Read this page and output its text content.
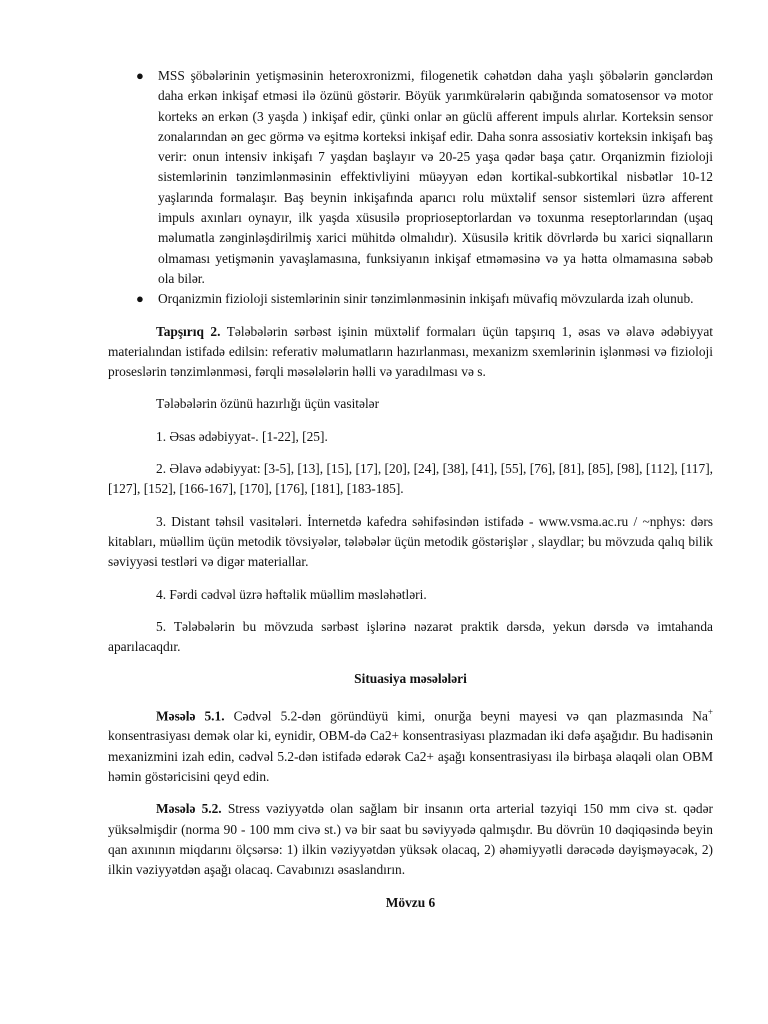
● MSS şöbələrinin yetişməsinin heteroxronizmi, filogenetik cəhətdən daha yaşlı şöbələrin gənclərdən daha erkən inkişaf etməsi ilə özünü göstərir. Böyük yarımkürələrin qabığında somatosensor və motor korteks ən erkən (3 yaşda ) inkişaf edir, çünki onlar ən güclü afferent impuls alırlar. Korteksin sensor zonalarından ən gec görmə və eşitmə korteksi inkişaf edir. Daha sonra assosiativ korteksin inkişafı baş verir: onun intensiv inkişafı 7 yaşdan başlayır və 20-25 yaşa qədər başa çatır. Orqanizmin fizioloji sistemlərinin tənzimlənməsinin effektivliyini müəyyən edən kortikal-subkortikal nisbətlər 10-12 yaşlarında formalaşır. Baş beynin inkişafında aparıcı rolu müxtəlif sensor sistemləri üzrə afferent impuls axınları oynayır, ilk yaşda xüsusilə proprioseptorlardan və toxunma reseptorlarından (uşaq məlumatla zənginləşdirilmiş xarici mühitdə olmalıdır). Xüsusilə kritik dövrlərdə bu xarici siqnalların olmaması yetişmənin yavaşlamasına, funksiyanın inkişaf etməməsinə və ya hətta olmamasına səbəb ola bilər.
● Orqanizmin fizioloji sistemlərinin sinir tənzimlənməsinin inkişafı müvafiq mövzularda izah olunub.

Tapşırıq 2. Tələbələrin sərbəst işinin müxtəlif formaları üçün tapşırıq 1, əsas və əlavə ədəbiyyat materialından istifadə edilsin: referativ məlumatların hazırlanması, mexanizm sxemlərinin işlənməsi və fizioloji proseslərin tənzimlənməsi, fərqli məsələlərin həlli və yaradılması və s.

Tələbələrin özünü hazırlığı üçün vasitələr

1. Əsas ədəbiyyat-. [1-22], [25].

2. Əlavə ədəbiyyat: [3-5], [13], [15], [17], [20], [24], [38], [41], [55], [76], [81], [85], [98], [112], [117], [127], [152], [166-167], [170], [176], [181], [183-185].

3. Distant təhsil vasitələri. İnternetdə kafedra səhifəsindən istifadə - www.vsma.ac.ru / ~nphys: dərs kitabları, müəllim üçün metodik tövsiyələr, tələbələr üçün metodik göstərişlər , slaydlar; bu mövzuda qalıq bilik səviyyəsi testləri və digər materiallar.

4. Fərdi cədvəl üzrə həftəlik müəllim məsləhətləri.

5. Tələbələrin bu mövzuda sərbəst işlərinə nəzarət praktik dərsdə, yekun dərsdə və imtahanda aparılacaqdır.

Situasiya məsələləri

Məsələ 5.1. Cədvəl 5.2-dən göründüyü kimi, onurğa beyni mayesi və qan plazmasında Na+ konsentrasiyası demək olar ki, eynidir, OBM-də Ca2+ konsentrasiyası plazmadan iki dəfə aşağıdır. Bu hadisənin mexanizmini izah edin, cədvəl 5.2-dən istifadə edərək Ca2+ aşağı konsentrasiyası ilə birbaşa əlaqəli olan OBM həmin göstəricisini qeyd edin.

Məsələ 5.2. Stress vəziyyətdə olan sağlam bir insanın orta arterial təzyiqi 150 mm civə st. qədər yüksəlmişdir (norma 90 - 100 mm civə st.) və bir saat bu səviyyədə qalmışdır. Bu dövrün 10 dəqiqəsində beyin qan axınının miqdarını ölçsərsə: 1) ilkin vəziyyətdən yüksək olacaq, 2) əhəmiyyətli dərəcədə dəyişməyəcək, 2) ilkin vəziyyətdən aşağı olacaq. Cavabınızı əsaslandırın.

Mövzu 6
